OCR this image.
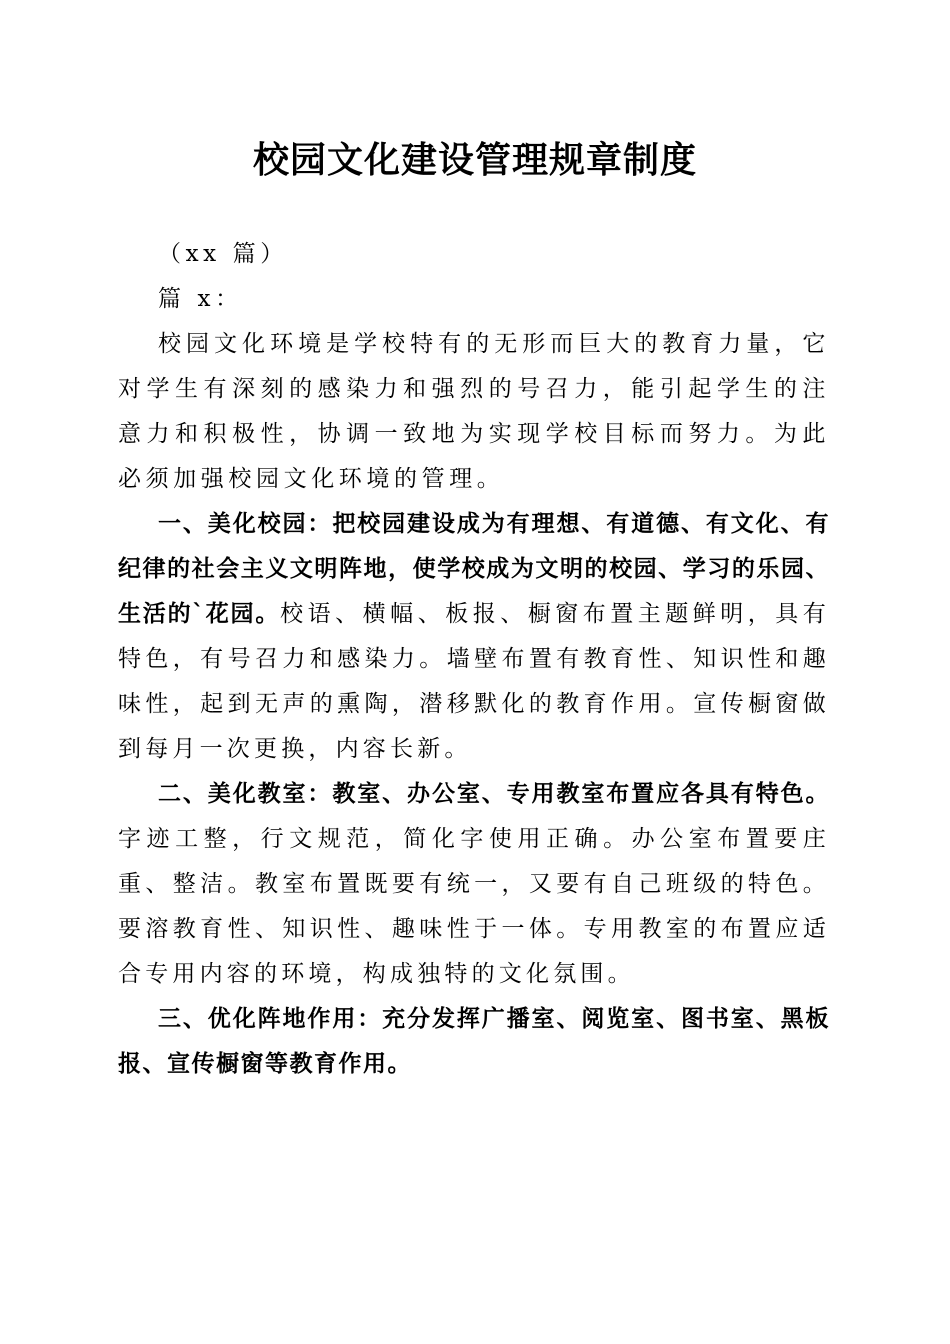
校园文化建设管理规章制度

（xx 篇）

篇 x：

校园文化环境是学校特有的无形而巨大的教育力量，它对学生有深刻的感染力和强烈的号召力，能引起学生的注意力和积极性，协调一致地为实现学校目标而努力。为此必须加强校园文化环境的管理。

一、美化校园：把校园建设成为有理想、有道德、有文化、有纪律的社会主义文明阵地，使学校成为文明的校园、学习的乐园、生活的`花园。校语、横幅、板报、橱窗布置主题鲜明，具有特色，有号召力和感染力。墙壁布置有教育性、知识性和趣味性，起到无声的熏陶，潜移默化的教育作用。宣传橱窗做到每月一次更换，内容长新。

二、美化教室：教室、办公室、专用教室布置应各具有特色。字迹工整，行文规范，简化字使用正确。办公室布置要庄重、整洁。教室布置既要有统一，又要有自己班级的特色。要溶教育性、知识性、趣味性于一体。专用教室的布置应适合专用内容的环境，构成独特的文化氛围。

三、优化阵地作用：充分发挥广播室、阅览室、图书室、黑板报、宣传橱窗等教育作用。
